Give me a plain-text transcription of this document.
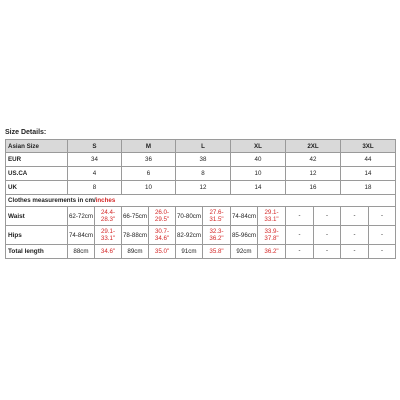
Size Details:
Asian Size	S	M	L	XL	2XL	3XL
EUR	34	36	38	40	42	44
US.CA	4	6	8	10	12	14
UK	8	10	12	14	16	18
Clothes measurements in cm/inches												
Waist	62-72cm	24.4-28.3"	66-75cm	26.0-29.5"	70-80cm	27.6-31.5"	74-84cm	29.1-33.1"	-	-	-	-
Hips	74-84cm	29.1-33.1"	78-88cm	30.7-34.6"	82-92cm	32.3-36.2"	85-96cm	33.9-37.8"	-	-	-	-
Total length	88cm	34.6"	89cm	35.0"	91cm	35.8"	92cm	36.2"	-	-	-	-
